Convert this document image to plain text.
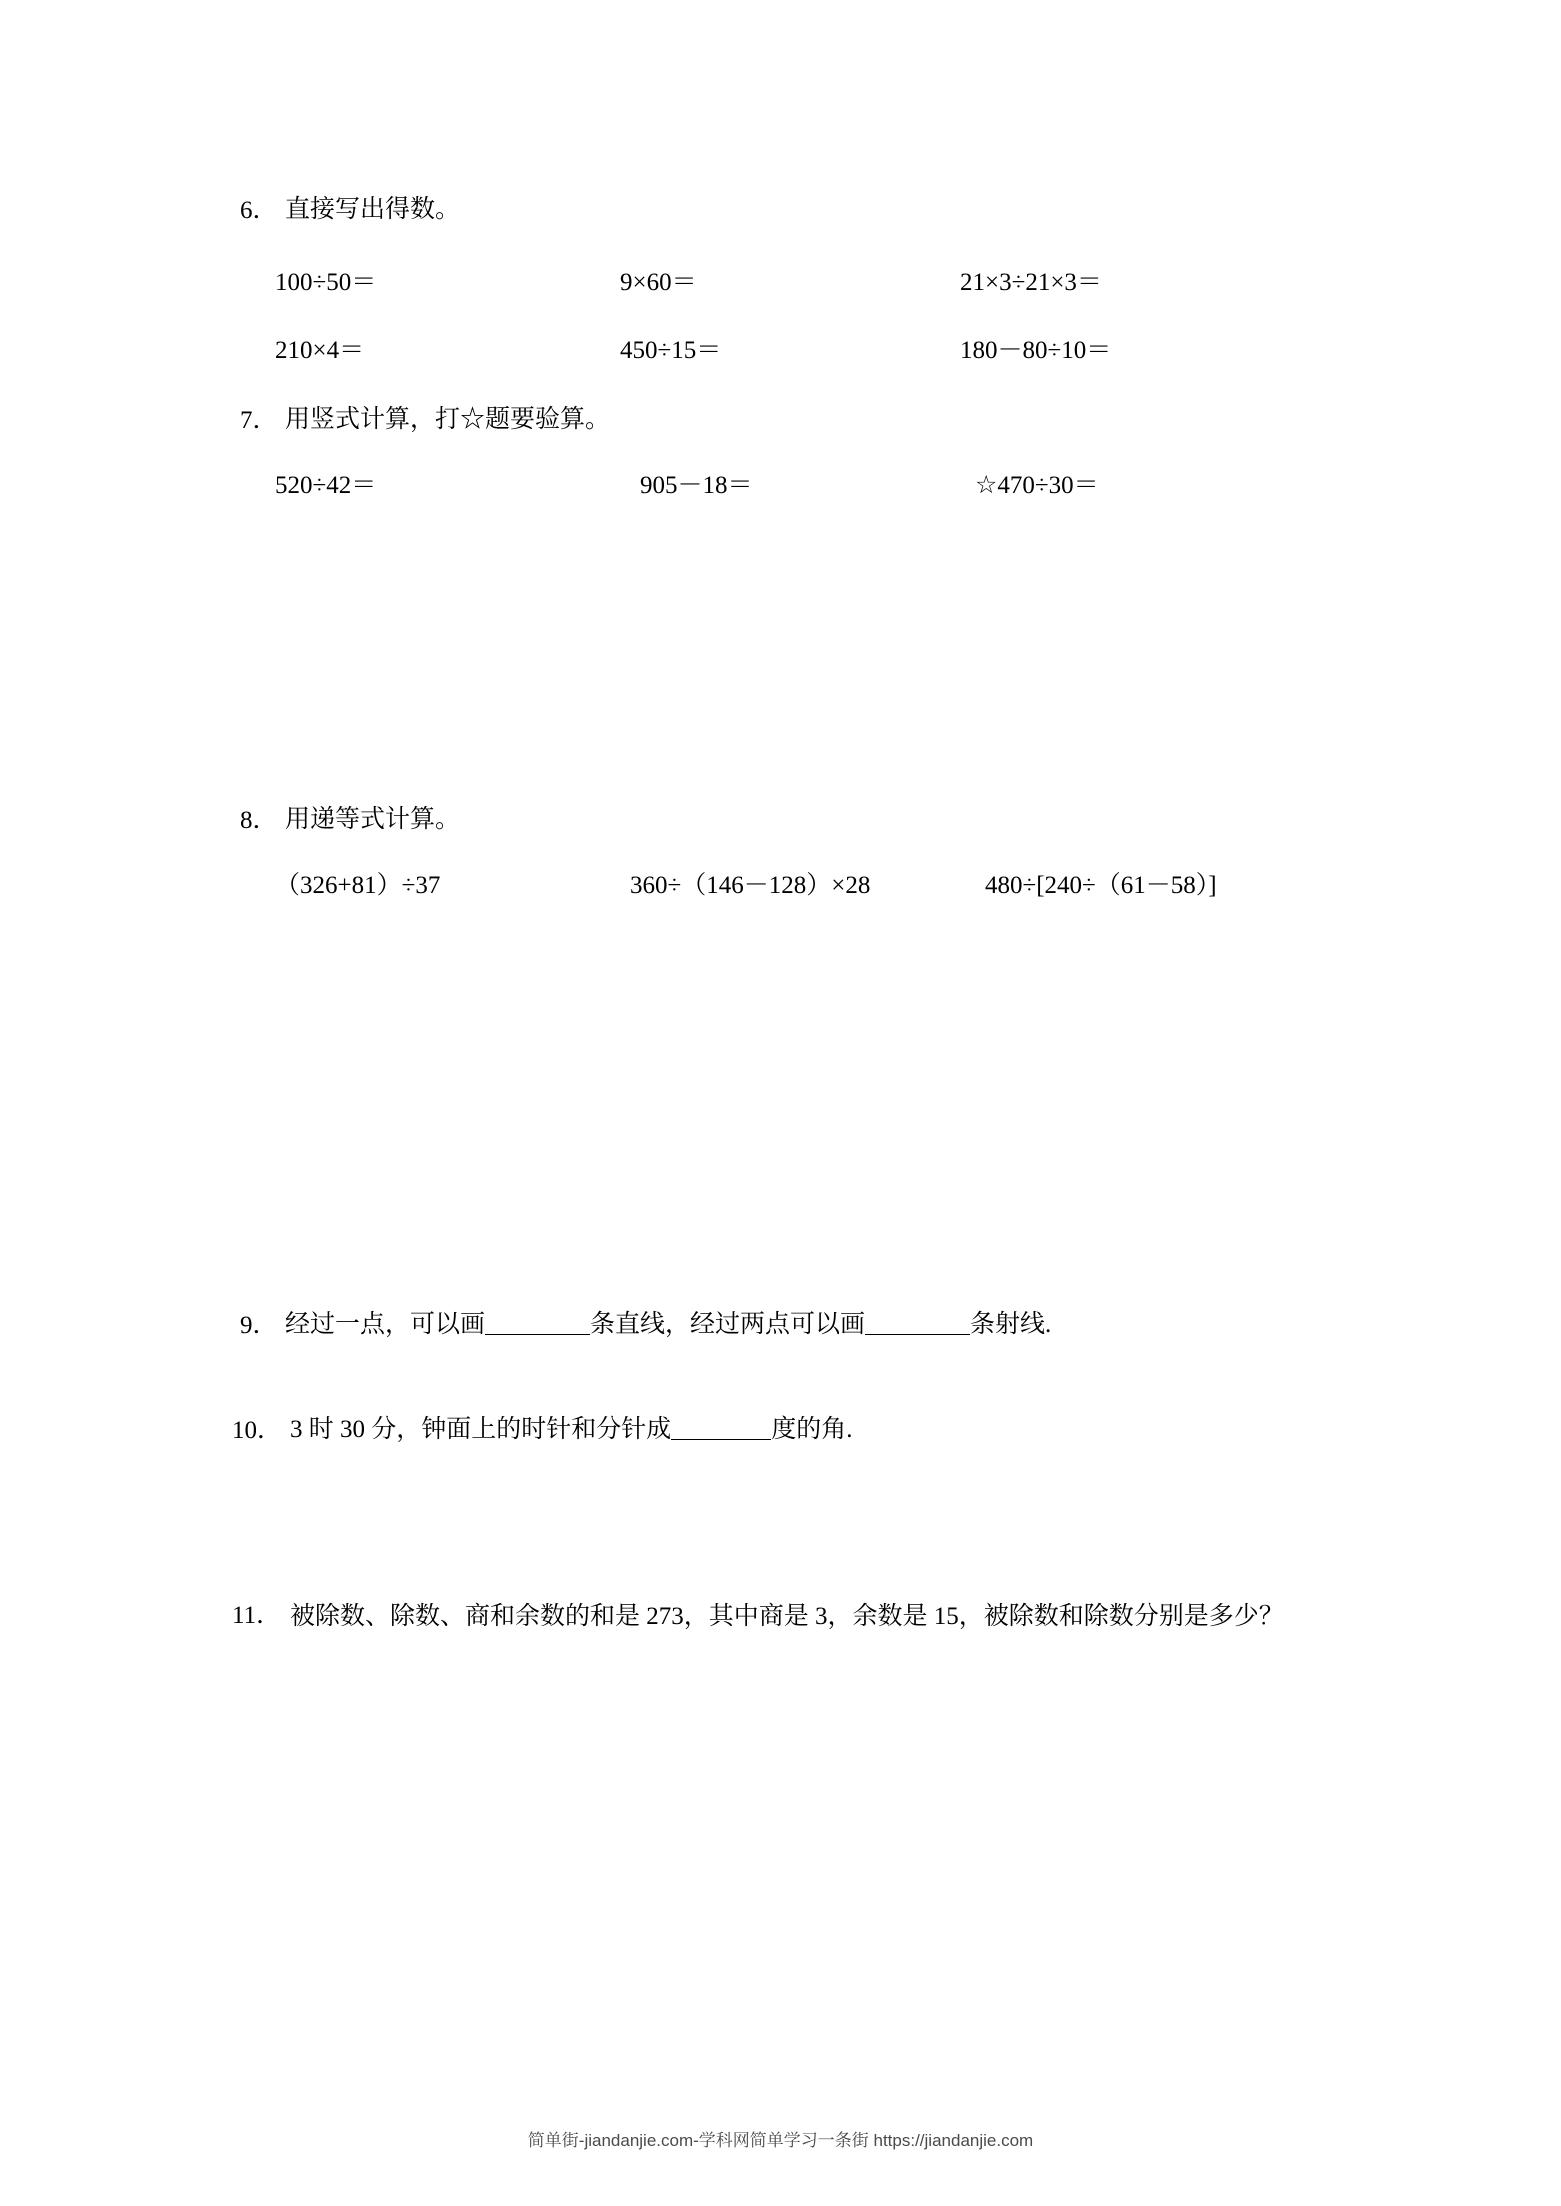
6． 直接写出得数。
100÷50＝	9×60＝	21×3÷21×3＝
210×4＝	450÷15＝	180－80÷10＝
7． 用竖式计算，打☆题要验算。
520÷42＝	905－18＝	☆470÷30＝
8． 用递等式计算。
（326+81）÷37	360÷（146－128）×28	480÷[240÷（61－58）]
9． 经过一点，可以画	条直线，经过两点可以画	条射线.
10． 3 时 30 分，钟面上的时针和分针成	度的角.
11． 被除数、除数、商和余数的和是 273，其中商是 3，余数是 15，被除数和除数分别是多少？
简单街-jiandanjie.com-学科网简单学习一条街 https://jiandanjie.com
